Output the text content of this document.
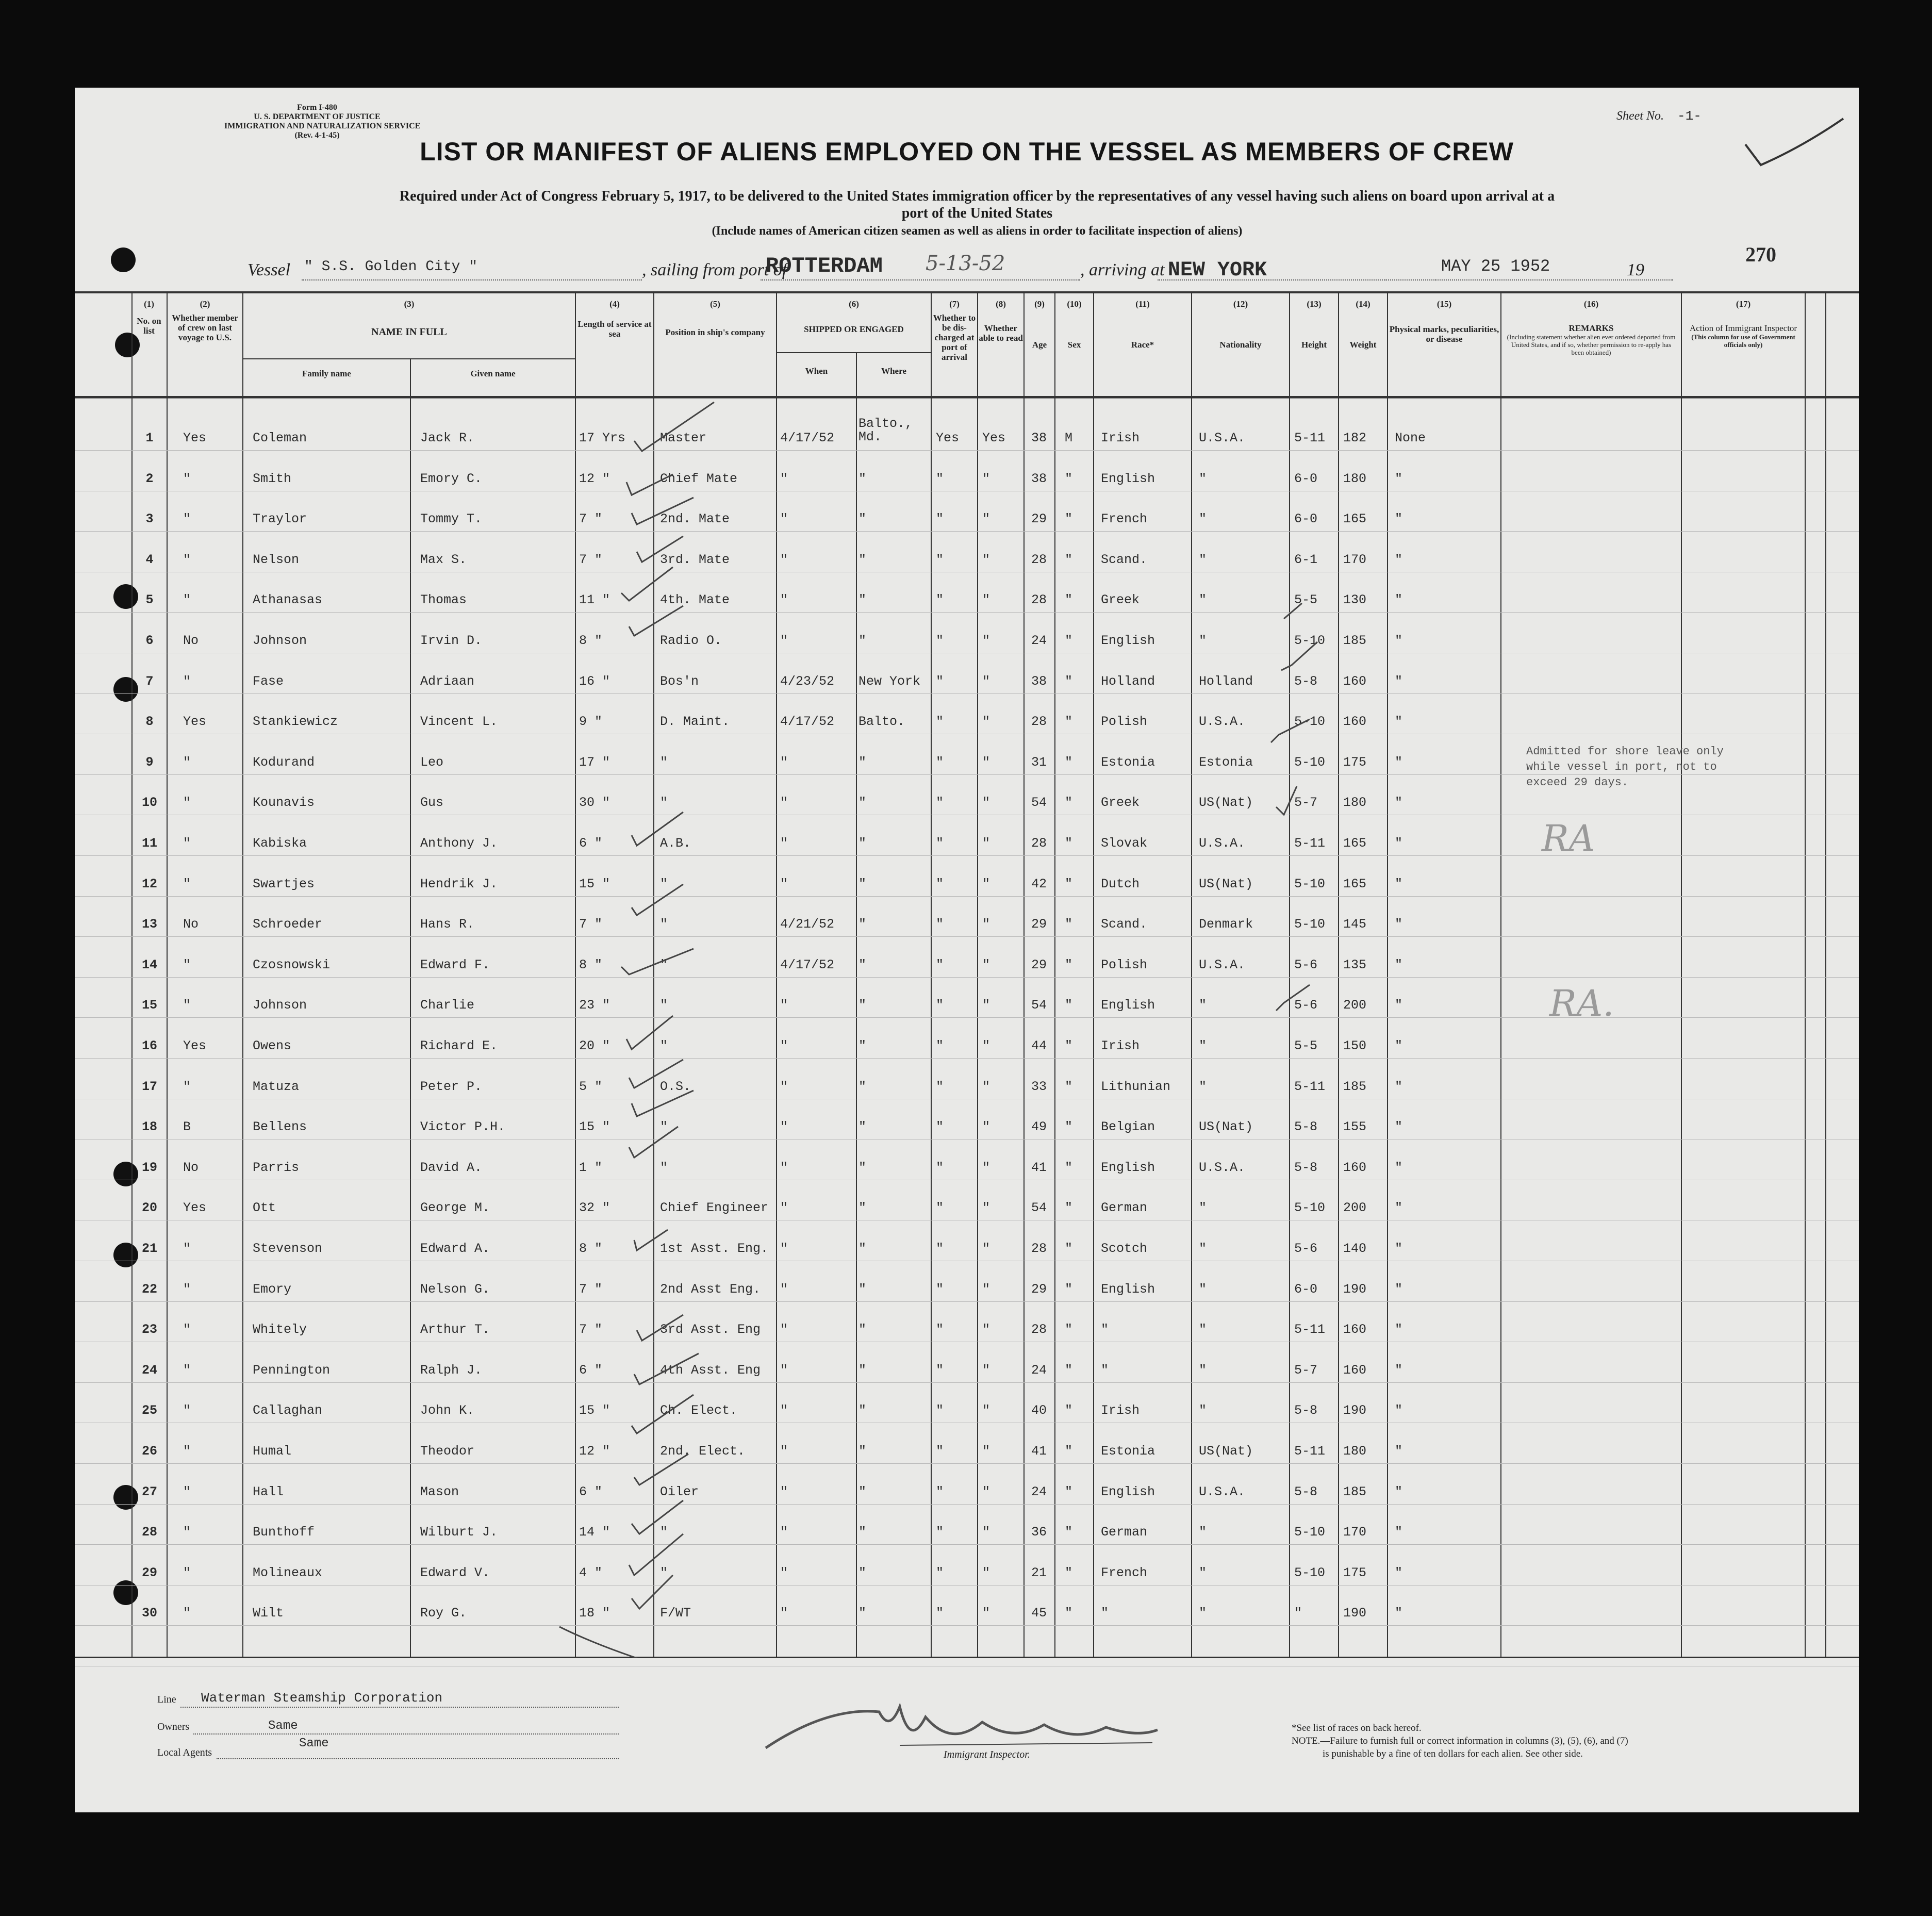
Form I-480
U. S. DEPARTMENT OF JUSTICE
IMMIGRATION AND NATURALIZATION SERVICE
(Rev. 4-1-45)
Sheet No. -1-
LIST OR MANIFEST OF ALIENS EMPLOYED ON THE VESSEL AS MEMBERS OF CREW
Required under Act of Congress February 5, 1917, to be delivered to the United States immigration officer by the representatives of any vessel having such aliens on board upon arrival at a
port of the United States
(Include names of American citizen seamen as well as aliens in order to facilitate inspection of aliens)
270
Vessel " S.S. Golden City "	, sailing from port of
ROTTERDAM 5-13-52	, arriving at NEW YORK	MAY 25 1952	19
(1)
No. on list
(2)
Whether member of crew on last voyage to U.S.
(3)
NAME IN FULL
Family name	Given name
(4)
Length of service at sea
(5)
Position in ship's company
(6)
SHIPPED OR ENGAGED
When	Where
(7)
Whether to be dis- charged at port of arrival
(8)
Whether able to read
(9)
Age
(10)
Sex
(11)
Race*
(12)
Nationality
(13)
Height
(14)
Weight
(15)
Physical marks, peculiarities, or disease
(16)
REMARKS
(Including statement whether alien ever ordered deported from United States, and if so, whether permission to re-apply has been obtained)
(17)
Action of Immigrant Inspector
(This column for use of Government officials only)
1	Yes	Coleman	Jack R.	17 Yrs	Master	4/17/52
Balto., Md.	Yes	Yes	38	M	Irish	U.S.A.	5-11	182	None
2	"	Smith	Emory C.	12 "	Chief Mate	"	"	"	"	38	"	English	"	6-0	180	"
3	"	Traylor	Tommy T.	7 "	2nd. Mate	"	"	"	"	29	"	French	"	6-0	165	"
4	"	Nelson	Max S.	7 "	3rd. Mate	"	"	"	"	28	"	Scand.	"	6-1	170	"
5	"	Athanasas	Thomas	11 "	4th. Mate	"	"	"	"	28	"	Greek	"	5-5	130	"
6	No	Johnson	Irvin D.	8 "	Radio O.	"	"	"	"	24	"	English	"	5-10	185	"
7	"	Fase	Adriaan	16 "	Bos'n	4/23/52	New York	"	"	38	"	Holland	Holland	5-8	160	"
8	Yes	Stankiewicz	Vincent L.	9 "	D. Maint.	4/17/52	Balto.	"	"	28	"	Polish	U.S.A.	5-10	160	"
9	"	Kodurand	Leo	17 "	"	"	"	"	"	31	"	Estonia	Estonia	5-10	175	"
10	"	Kounavis	Gus	30 "	"	"	"	"	"	54	"	Greek	US(Nat)	5-7	180	"
11	"	Kabiska	Anthony J.	6 "	A.B.	"	"	"	"	28	"	Slovak	U.S.A.	5-11	165	"
12	"	Swartjes	Hendrik J.	15 "	"	"	"	"	"	42	"	Dutch	US(Nat)	5-10	165	"
13	No	Schroeder	Hans R.	7 "	"	4/21/52	"	"	"	29	"	Scand.	Denmark	5-10	145	"
14	"	Czosnowski	Edward F.	8 "	"	4/17/52	"	"	"	29	"	Polish	U.S.A.	5-6	135	"
15	"	Johnson	Charlie	23 "	"	"	"	"	"	54	"	English	"	5-6	200	"
16	Yes	Owens	Richard E.	20 "	"	"	"	"	"	44	"	Irish	"	5-5	150	"
17	"	Matuza	Peter P.	5 "	O.S.	"	"	"	"	33	"	Lithunian	"	5-11	185	"
18	B	Bellens	Victor P.H.	15 "	"	"	"	"	"	49	"	Belgian	US(Nat)	5-8	155	"
19	No	Parris	David A.	1 "	"	"	"	"	"	41	"	English	U.S.A.	5-8	160	"
20	Yes	Ott	George M.	32 "	Chief Engineer "	"	"	"	54	"	German	"	5-10	200	"
21	"	Stevenson	Edward A.	8 "	1st Asst. Eng. "	"	"	"	28	"	Scotch	"	5-6	140	"
22	"	Emory	Nelson G.	7 "	2nd Asst Eng.	"	"	"	"	29	"	English	"	6-0	190	"
23	"	Whitely	Arthur T.	7 "	3rd Asst. Eng	"	"	"	"	28	"	"	"	5-11	160	"
24	"	Pennington	Ralph J.	6 "	4th Asst. Eng	"	"	"	"	24	"	"	"	5-7	160	"
25	"	Callaghan	John K.	15 "	Ch. Elect.	"	"	"	"	40	"	Irish	"	5-8	190	"
26	"	Humal	Theodor	12 "	2nd. Elect.	"	"	"	"	41	"	Estonia	US(Nat)	5-11	180	"
27	"	Hall	Mason	6 "	Oiler	"	"	"	"	24	"	English	U.S.A.	5-8	185	"
28	"	Bunthoff	Wilburt J.	14 "	"	"	"	"	"	36	"	German	"	5-10	170	"
29	"	Molineaux	Edward V.	4 "	"	"	"	"	"	21	"	French	"	5-10	175	"
30	"	Wilt	Roy G.	18 "	F/WT	"	"	"	"	45	"	"	"	"	190	"
Admitted for shore leave only
while vessel in port, not to
exceed 29 days.
RA
RA.
Line Waterman Steamship Corporation
Owners	Same
Local Agents
Same
Immigrant Inspector.
*See list of races on back hereof.
NOTE.—Failure to furnish full or correct information in columns (3), (5), (6), and (7)
is punishable by a fine of ten dollars for each alien. See other side.
